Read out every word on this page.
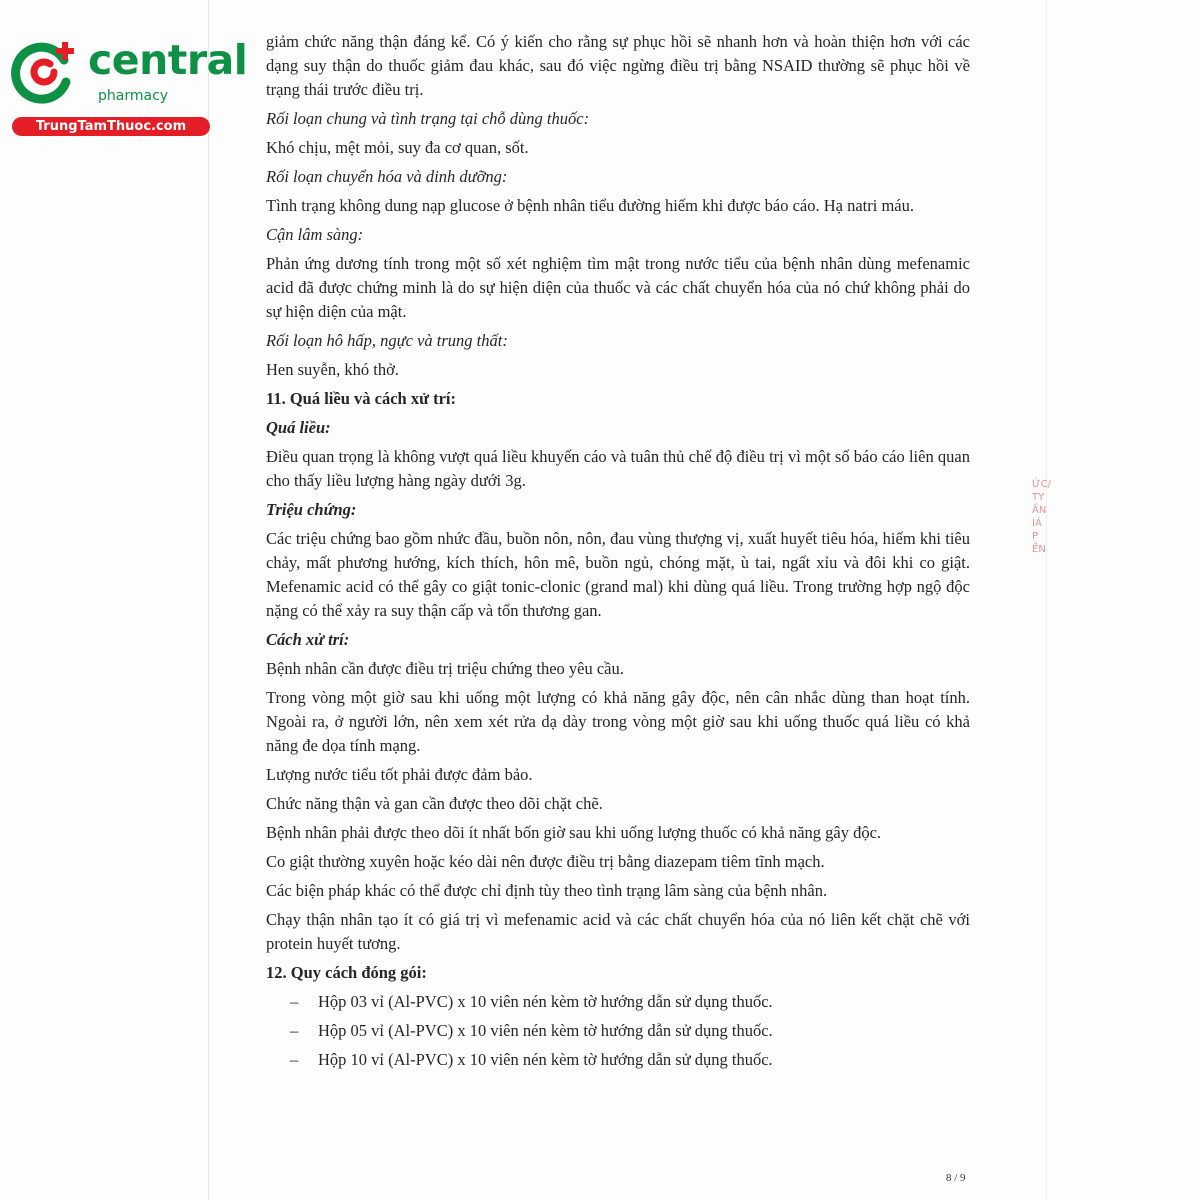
central
pharmacy
TrungTamThuoc.com

giảm chức năng thận đáng kể. Có ý kiến cho rằng sự phục hồi sẽ nhanh hơn và hoàn thiện hơn với các dạng suy thận do thuốc giảm đau khác, sau đó việc ngừng điều trị bằng NSAID thường sẽ phục hồi về trạng thái trước điều trị.

Rối loạn chung và tình trạng tại chỗ dùng thuốc:

Khó chịu, mệt mỏi, suy đa cơ quan, sốt.

Rối loạn chuyển hóa và dinh dưỡng:

Tình trạng không dung nạp glucose ở bệnh nhân tiểu đường hiếm khi được báo cáo. Hạ natri máu.

Cận lâm sàng:

Phản ứng dương tính trong một số xét nghiệm tìm mật trong nước tiểu của bệnh nhân dùng mefenamic acid đã được chứng minh là do sự hiện diện của thuốc và các chất chuyển hóa của nó chứ không phải do sự hiện diện của mật.

Rối loạn hô hấp, ngực và trung thất:

Hen suyễn, khó thở.

11. Quá liều và cách xử trí:

Quá liều:

Điều quan trọng là không vượt quá liều khuyến cáo và tuân thủ chế độ điều trị vì một số báo cáo liên quan cho thấy liều lượng hàng ngày dưới 3g.

Triệu chứng:

Các triệu chứng bao gồm nhức đầu, buồn nôn, nôn, đau vùng thượng vị, xuất huyết tiêu hóa, hiếm khi tiêu chảy, mất phương hướng, kích thích, hôn mê, buồn ngủ, chóng mặt, ù tai, ngất xỉu và đôi khi co giật. Mefenamic acid có thể gây co giật tonic-clonic (grand mal) khi dùng quá liều. Trong trường hợp ngộ độc nặng có thể xảy ra suy thận cấp và tổn thương gan.

Cách xử trí:

Bệnh nhân cần được điều trị triệu chứng theo yêu cầu.

Trong vòng một giờ sau khi uống một lượng có khả năng gây độc, nên cân nhắc dùng than hoạt tính. Ngoài ra, ở người lớn, nên xem xét rửa dạ dày trong vòng một giờ sau khi uống thuốc quá liều có khả năng đe dọa tính mạng.

Lượng nước tiểu tốt phải được đảm bảo.

Chức năng thận và gan cần được theo dõi chặt chẽ.

Bệnh nhân phải được theo dõi ít nhất bốn giờ sau khi uống lượng thuốc có khả năng gây độc.

Co giật thường xuyên hoặc kéo dài nên được điều trị bằng diazepam tiêm tĩnh mạch.

Các biện pháp khác có thể được chỉ định tùy theo tình trạng lâm sàng của bệnh nhân.

Chạy thận nhân tạo ít có giá trị vì mefenamic acid và các chất chuyển hóa của nó liên kết chặt chẽ với protein huyết tương.

12. Quy cách đóng gói:

– Hộp 03 vỉ (Al-PVC) x 10 viên nén kèm tờ hướng dẫn sử dụng thuốc.
– Hộp 05 vỉ (Al-PVC) x 10 viên nén kèm tờ hướng dẫn sử dụng thuốc.
– Hộp 10 vỉ (Al-PVC) x 10 viên nén kèm tờ hướng dẫn sử dụng thuốc.
ỨC/
TY
ẦN
IÁ
P
ỀN
8 / 9
